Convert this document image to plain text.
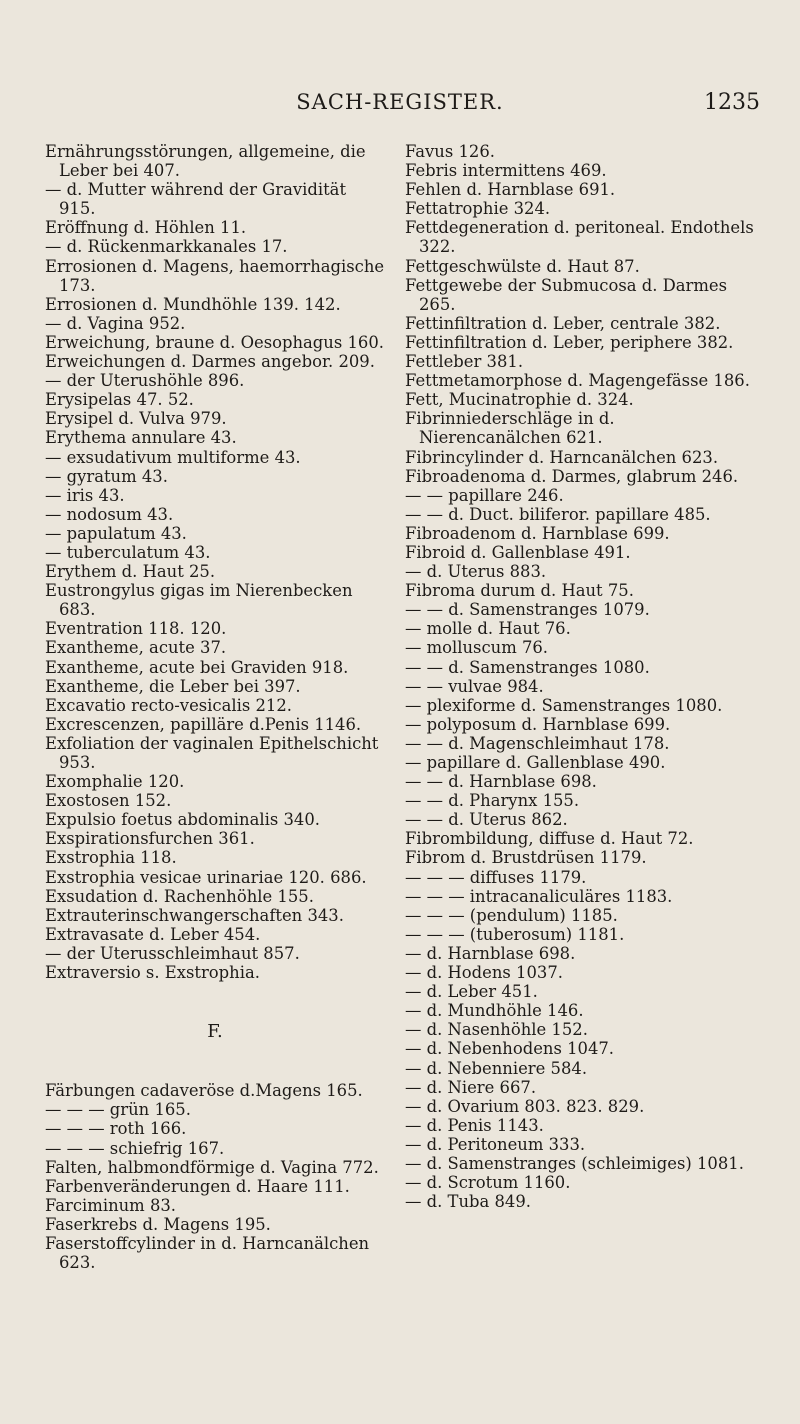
SACH-REGISTER.	1235

Ernährungsstörungen, allgemeine, die Leber bei 407.

— d. Mutter während der Gravidität 915.

Eröffnung d. Höhlen 11.

— d. Rückenmarkkanales 17.

Errosionen d. Magens, haemorrhagische 173.

Errosionen d. Mundhöhle 139. 142.

— d. Vagina 952.

Erweichung, braune d. Oesophagus 160.

Erweichungen d. Darmes angebor. 209.

— der Uterushöhle 896.

Erysipelas 47. 52.

Erysipel d. Vulva 979.

Erythema annulare 43.

— exsudativum multiforme 43.

— gyratum 43.

— iris 43.

— nodosum 43.

— papulatum 43.

— tuberculatum 43.

Erythem d. Haut 25.

Eustrongylus gigas im Nierenbecken 683.

Eventration 118. 120.

Exantheme, acute 37.

Exantheme, acute bei Graviden 918.

Exantheme, die Leber bei 397.

Excavatio recto-vesicalis 212.

Excrescenzen, papilläre d.Penis 1146.

Exfoliation der vaginalen Epithelschicht 953.

Exomphalie 120.

Exostosen 152.

Expulsio foetus abdominalis 340.

Exspirationsfurchen 361.

Exstrophia 118.

Exstrophia vesicae urinariae 120. 686.

Exsudation d. Rachenhöhle 155.

Extrauterinschwangerschaften 343.

Extravasate d. Leber 454.

— der Uterusschleimhaut 857.

Extraversio s. Exstrophia.

F.

Färbungen cadaveröse d.Magens 165.

— — — grün 165.

— — — roth 166.

— — — schiefrig 167.

Falten, halbmondförmige d. Vagina 772.

Farbenveränderungen d. Haare 111.

Farciminum 83.

Faserkrebs d. Magens 195.

Faserstoffcylinder in d. Harncanälchen 623.

Favus 126.

Febris intermittens 469.

Fehlen d. Harnblase 691.

Fettatrophie 324.

Fettdegeneration d. peritoneal. Endothels 322.

Fettgeschwülste d. Haut 87.

Fettgewebe der Submucosa d. Darmes 265.

Fettinfiltration d. Leber, centrale 382.

Fettinfiltration d. Leber, periphere 382.

Fettleber 381.

Fettmetamorphose d. Magengefässe 186.

Fett, Mucinatrophie d. 324.

Fibrinniederschläge in d. Nierencanälchen 621.

Fibrincylinder d. Harncanälchen 623.

Fibroadenoma d. Darmes, glabrum 246.

— — papillare 246.

— — d. Duct. biliferor. papillare 485.

Fibroadenom d. Harnblase 699.

Fibroid d. Gallenblase 491.

— d. Uterus 883.

Fibroma durum d. Haut 75.

— — d. Samenstranges 1079.

— molle d. Haut 76.

— molluscum 76.

— — d. Samenstranges 1080.

— — vulvae 984.

— plexiforme d. Samenstranges 1080.

— polyposum d. Harnblase 699.

— — d. Magenschleimhaut 178.

— papillare d. Gallenblase 490.

— — d. Harnblase 698.

— — d. Pharynx 155.

— — d. Uterus 862.

Fibrombildung, diffuse d. Haut 72.

Fibrom d. Brustdrüsen 1179.

— — — diffuses 1179.

— — — intracanaliculäres 1183.

— — — (pendulum) 1185.

— — — (tuberosum) 1181.

— d. Harnblase 698.

— d. Hodens 1037.

— d. Leber 451.

— d. Mundhöhle 146.

— d. Nasenhöhle 152.

— d. Nebenhodens 1047.

— d. Nebenniere 584.

— d. Niere 667.

— d. Ovarium 803. 823. 829.

— d. Penis 1143.

— d. Peritoneum 333.

— d. Samenstranges (schleimiges) 1081.

— d. Scrotum 1160.

— d. Tuba 849.
